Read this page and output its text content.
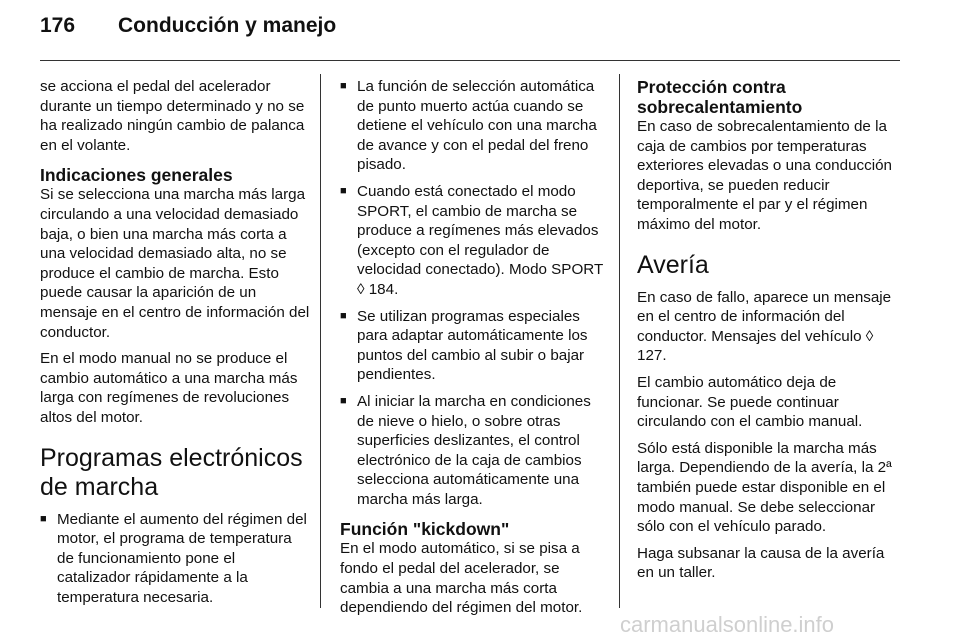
176 Conducción y manejo

se acciona el pedal del acelerador durante un tiempo determinado y no se ha realizado ningún cambio de palanca en el volante.

Indicaciones generales

Si se selecciona una marcha más larga circulando a una velocidad demasiado baja, o bien una marcha más corta a una velocidad demasiado alta, no se produce el cambio de marcha. Esto puede causar la aparición de un mensaje en el centro de información del conductor.

En el modo manual no se produce el cambio automático a una marcha más larga con regímenes de revoluciones altos del motor.

Programas electrónicos de marcha
■ Mediante el aumento del régimen del motor, el programa de temperatura de funcionamiento pone el catalizador rápidamente a la temperatura necesaria.
■ La función de selección automática de punto muerto actúa cuando se detiene el vehículo con una marcha de avance y con el pedal del freno pisado.
■ Cuando está conectado el modo SPORT, el cambio de marcha se produce a regímenes más elevados (excepto con el regulador de velocidad conectado). Modo SPORT ◊ 184.
■ Se utilizan programas especiales para adaptar automáticamente los puntos del cambio al subir o bajar pendientes.
■ Al iniciar la marcha en condiciones de nieve o hielo, o sobre otras superficies deslizantes, el control electrónico de la caja de cambios selecciona automáticamente una marcha más larga.
Función "kickdown"

En el modo automático, si se pisa a fondo el pedal del acelerador, se cambia a una marcha más corta dependiendo del régimen del motor.

Protección contra sobrecalentamiento

En caso de sobrecalentamiento de la caja de cambios por temperaturas exteriores elevadas o una conducción deportiva, se pueden reducir temporalmente el par y el régimen máximo del motor.

Avería

En caso de fallo, aparece un mensaje en el centro de información del conductor. Mensajes del vehículo ◊ 127.

El cambio automático deja de funcionar. Se puede continuar circulando con el cambio manual.

Sólo está disponible la marcha más larga. Dependiendo de la avería, la 2ª también puede estar disponible en el modo manual. Se debe seleccionar sólo con el vehículo parado.

Haga subsanar la causa de la avería en un taller.

carmanualsonline.info
